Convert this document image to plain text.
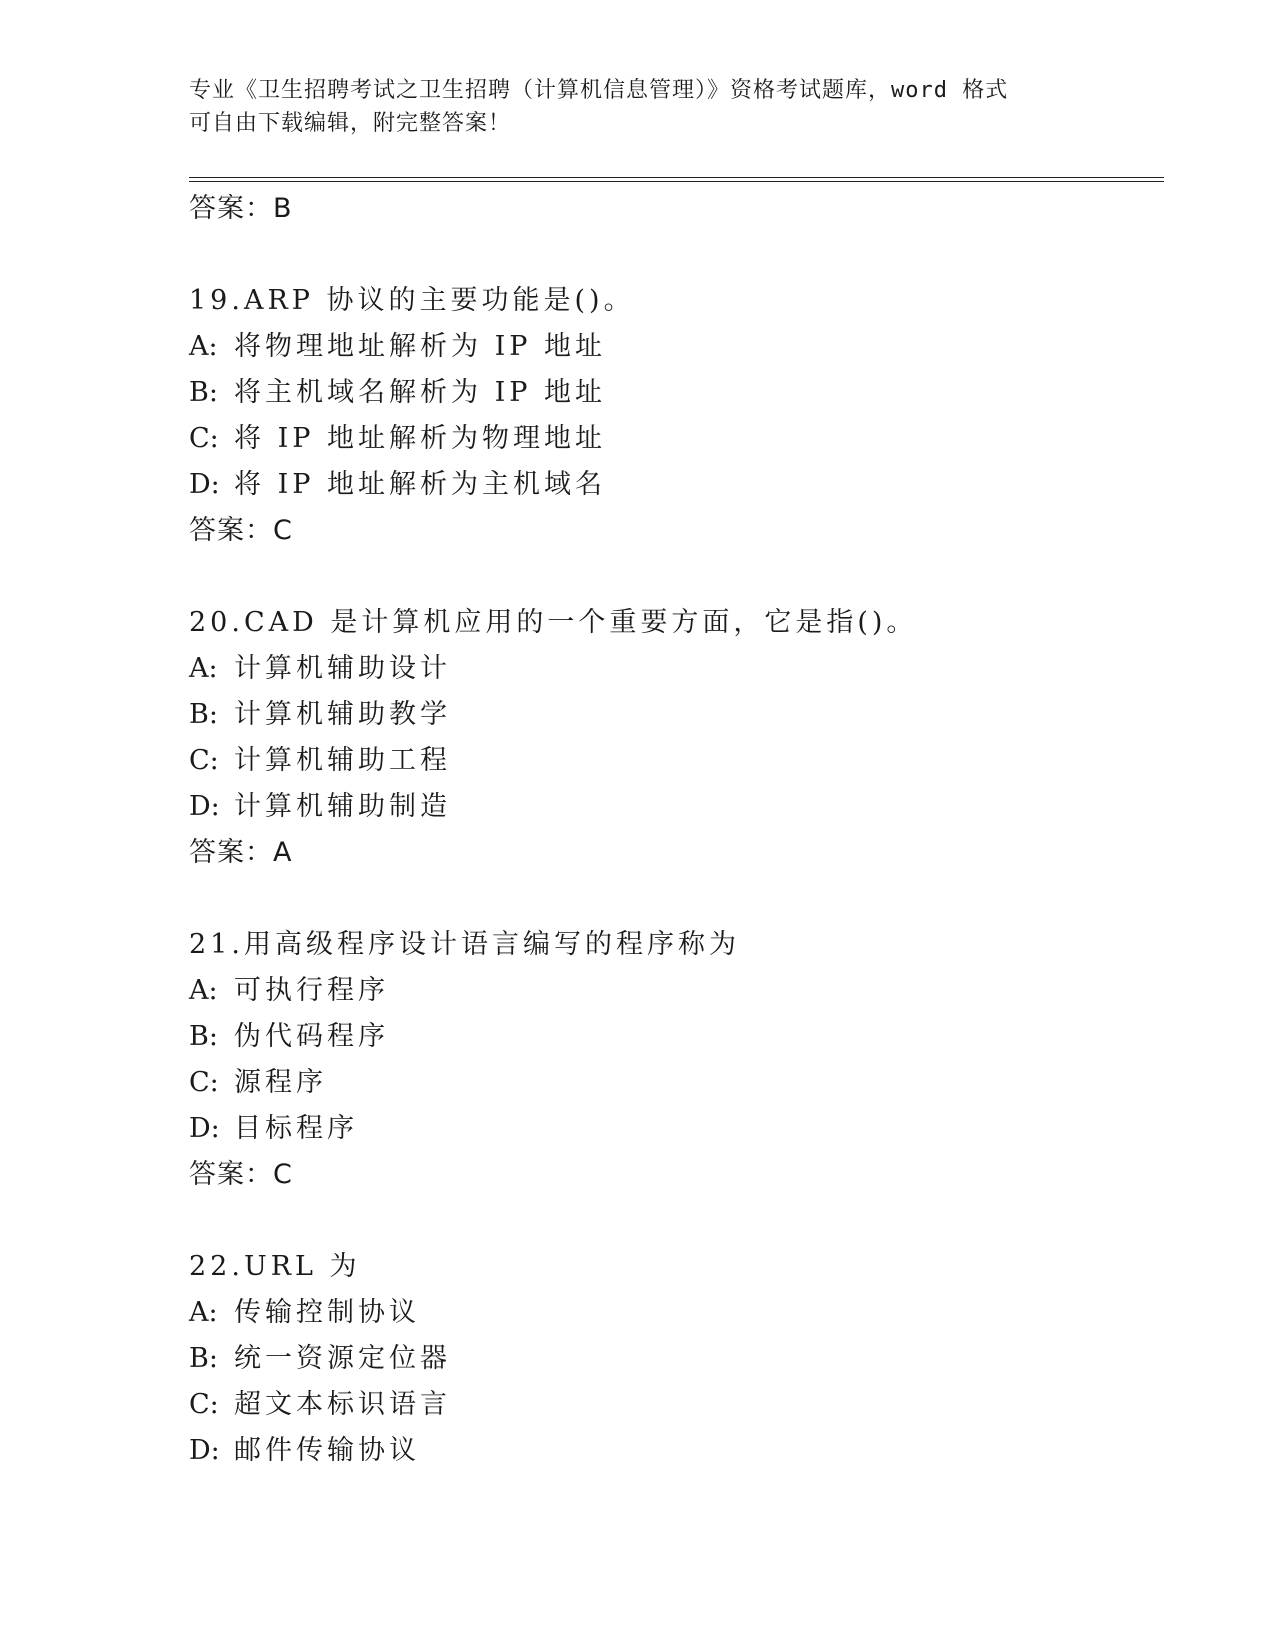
专业《卫生招聘考试之卫生招聘（计算机信息管理）》资格考试题库，word 格式
可自由下载编辑，附完整答案！
答案：B
19.ARP 协议的主要功能是()。
A: 将物理地址解析为 IP 地址
B: 将主机域名解析为 IP 地址
C: 将 IP 地址解析为物理地址
D: 将 IP 地址解析为主机域名
答案：C
20.CAD 是计算机应用的一个重要方面，它是指()。
A: 计算机辅助设计
B: 计算机辅助教学
C: 计算机辅助工程
D: 计算机辅助制造
答案：A
21.用高级程序设计语言编写的程序称为
A: 可执行程序
B: 伪代码程序
C: 源程序
D: 目标程序
答案：C
22.URL 为
A: 传输控制协议
B: 统一资源定位器
C: 超文本标识语言
D: 邮件传输协议
